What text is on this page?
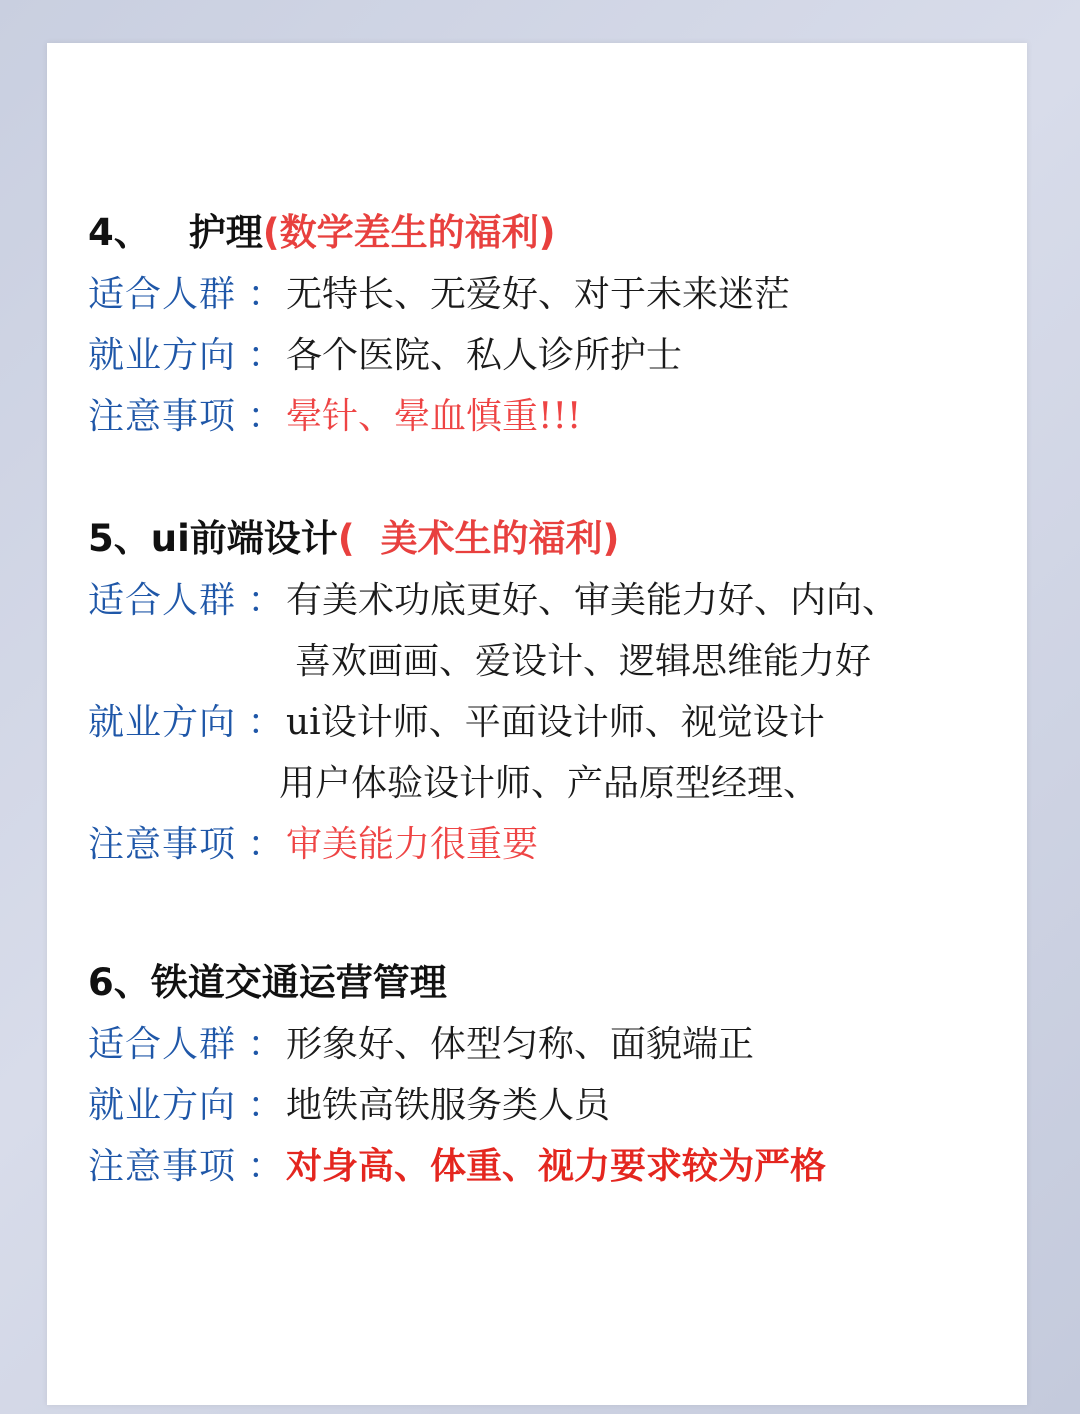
4、 护理(数学差生的福利)
适合人群 ： 无特长、无爱好、对于未来迷茫
就业方向 ： 各个医院、私人诊所护士
注意事项 ： 晕针、晕血慎重!!!
5、ui前端设计(  美术生的福利)
适合人群 ： 有美术功底更好、审美能力好、内向、
喜欢画画、爱设计、逻辑思维能力好
就业方向 ： ui设计师、平面设计师、视觉设计
用户体验设计师、产品原型经理、
注意事项 ： 审美能力很重要
6、铁道交通运营管理
适合人群 ： 形象好、体型匀称、面貌端正
就业方向 ： 地铁高铁服务类人员
注意事项 ： 对身高、体重、视力要求较为严格
